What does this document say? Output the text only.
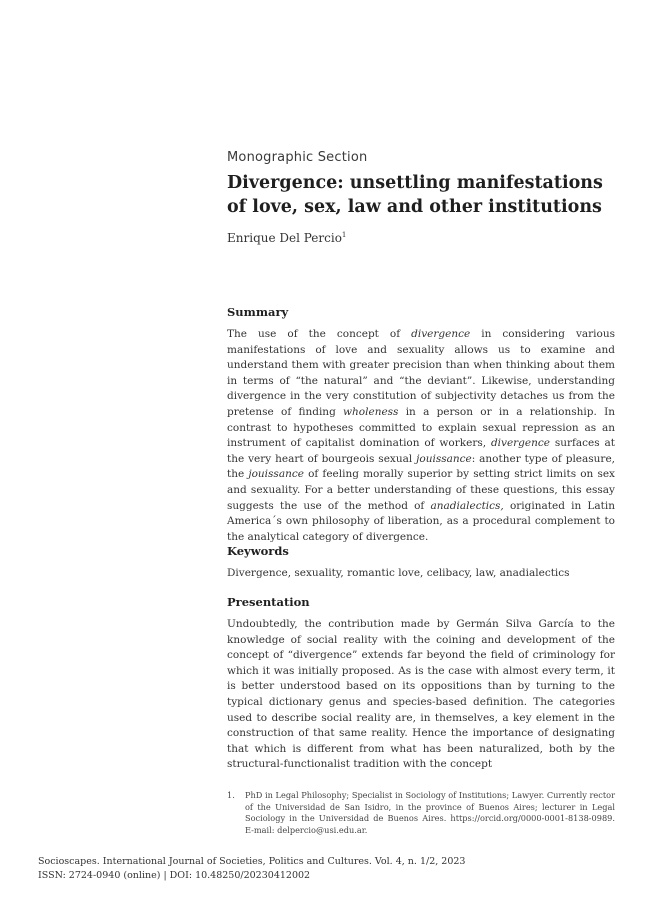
Monographic Section
Divergence: unsettling manifestations of love, sex, law and other institutions
Enrique Del Percio$^1$
Summary

The use of the concept of divergence in considering various manifestations of love and sexuality allows us to examine and understand them with greater precision than when thinking about them in terms of “the natural” and “the deviant”. Likewise, understanding divergence in the very constitution of subjectivity detaches us from the pretense of finding wholeness in a person or in a relationship. In contrast to hypotheses committed to explain sexual repression as an instrument of capitalist domination of workers, divergence surfaces at the very heart of bourgeois sexual jouissance: another type of pleasure, the jouissance of feeling morally superior by setting strict limits on sex and sexuality. For a better understanding of these questions, this essay suggests the use of the method of anadialectics, originated in Latin America´s own philosophy of liberation, as a procedural complement to the analytical category of divergence.

Keywords

Divergence, sexuality, romantic love, celibacy, law, anadialectics

Presentation

Undoubtedly, the contribution made by Germán Silva García to the knowledge of social reality with the coining and development of the concept of “divergence” extends far beyond the field of criminology for which it was initially proposed. As is the case with almost every term, it is better understood based on its oppositions than by turning to the typical dictionary genus and species-based definition. The categories used to describe social reality are, in themselves, a key element in the construction of that same reality. Hence the importance of designating that which is different from what has been naturalized, both by the structural-functionalist tradition with the concept

1. PhD in Legal Philosophy; Specialist in Sociology of Institutions; Lawyer. Currently rector of the Universidad de San Isidro, in the province of Buenos Aires; lecturer in Legal Sociology in the Universidad de Buenos Aires. https://orcid.org/0000-0001-8138-0989. E-mail: delpercio@usi.edu.ar.
Socioscapes. International Journal of Societies, Politics and Cultures. Vol. 4, n. 1/2, 2023
ISSN: 2724-0940 (online) | DOI: 10.48250/20230412002
